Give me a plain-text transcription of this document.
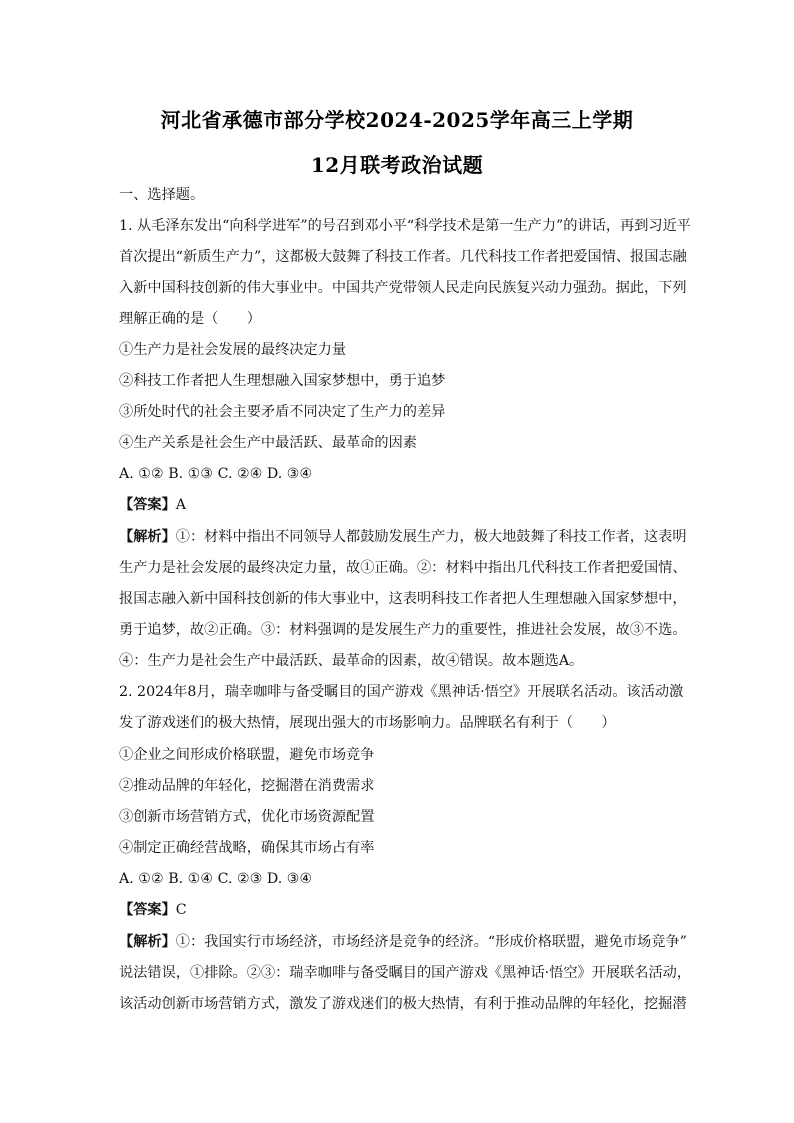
河北省承德市部分学校2024-2025学年高三上学期
12月联考政治试题
一、选择题。
1. 从毛泽东发出“向科学进军”的号召到邓小平“科学技术是第一生产力”的讲话，再到习近平
首次提出“新质生产力”，这都极大鼓舞了科技工作者。几代科技工作者把爱国情、报国志融
入新中国科技创新的伟大事业中。中国共产党带领人民走向民族复兴动力强劲。据此，下列
理解正确的是（　　）
①生产力是社会发展的最终决定力量
②科技工作者把人生理想融入国家梦想中，勇于追梦
③所处时代的社会主要矛盾不同决定了生产力的差异
④生产关系是社会生产中最活跃、最革命的因素
A. ①② B. ①③ C. ②④ D. ③④
【答案】A
【解析】①：材料中指出不同领导人都鼓励发展生产力，极大地鼓舞了科技工作者，这表明
生产力是社会发展的最终决定力量，故①正确。②：材料中指出几代科技工作者把爱国情、
报国志融入新中国科技创新的伟大事业中，这表明科技工作者把人生理想融入国家梦想中，
勇于追梦，故②正确。③：材料强调的是发展生产力的重要性，推进社会发展，故③不选。
④：生产力是社会生产中最活跃、最革命的因素，故④错误。故本题选A。
2. 2024年8月，瑞幸咖啡与备受瞩目的国产游戏《黑神话·悟空》开展联名活动。该活动激
发了游戏迷们的极大热情，展现出强大的市场影响力。品牌联名有利于（　　）
①企业之间形成价格联盟，避免市场竞争
②推动品牌的年轻化，挖掘潜在消费需求
③创新市场营销方式，优化市场资源配置
④制定正确经营战略，确保其市场占有率
A. ①② B. ①④ C. ②③ D. ③④
【答案】C
【解析】①：我国实行市场经济，市场经济是竞争的经济。“形成价格联盟，避免市场竞争”
说法错误，①排除。②③：瑞幸咖啡与备受瞩目的国产游戏《黑神话·悟空》开展联名活动，
该活动创新市场营销方式，激发了游戏迷们的极大热情，有利于推动品牌的年轻化，挖掘潜
